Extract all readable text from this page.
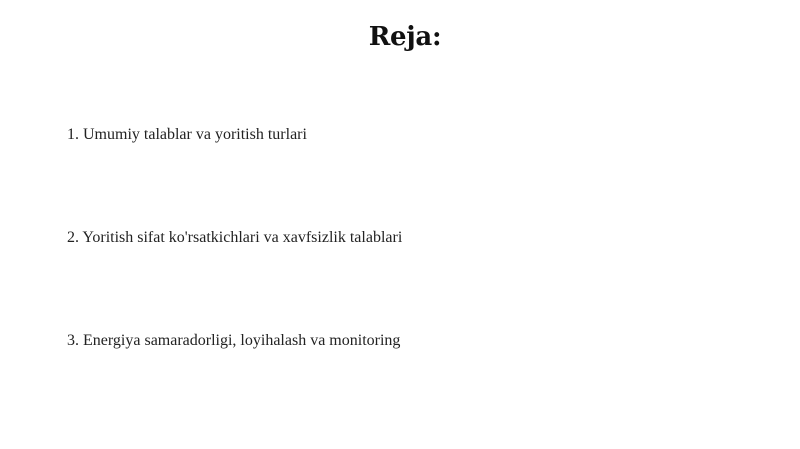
Reja:
1. Umumiy talablar va yoritish turlari
2. Yoritish sifat ko'rsatkichlari va xavfsizlik talablari
3. Energiya samaradorligi, loyihalash va monitoring
